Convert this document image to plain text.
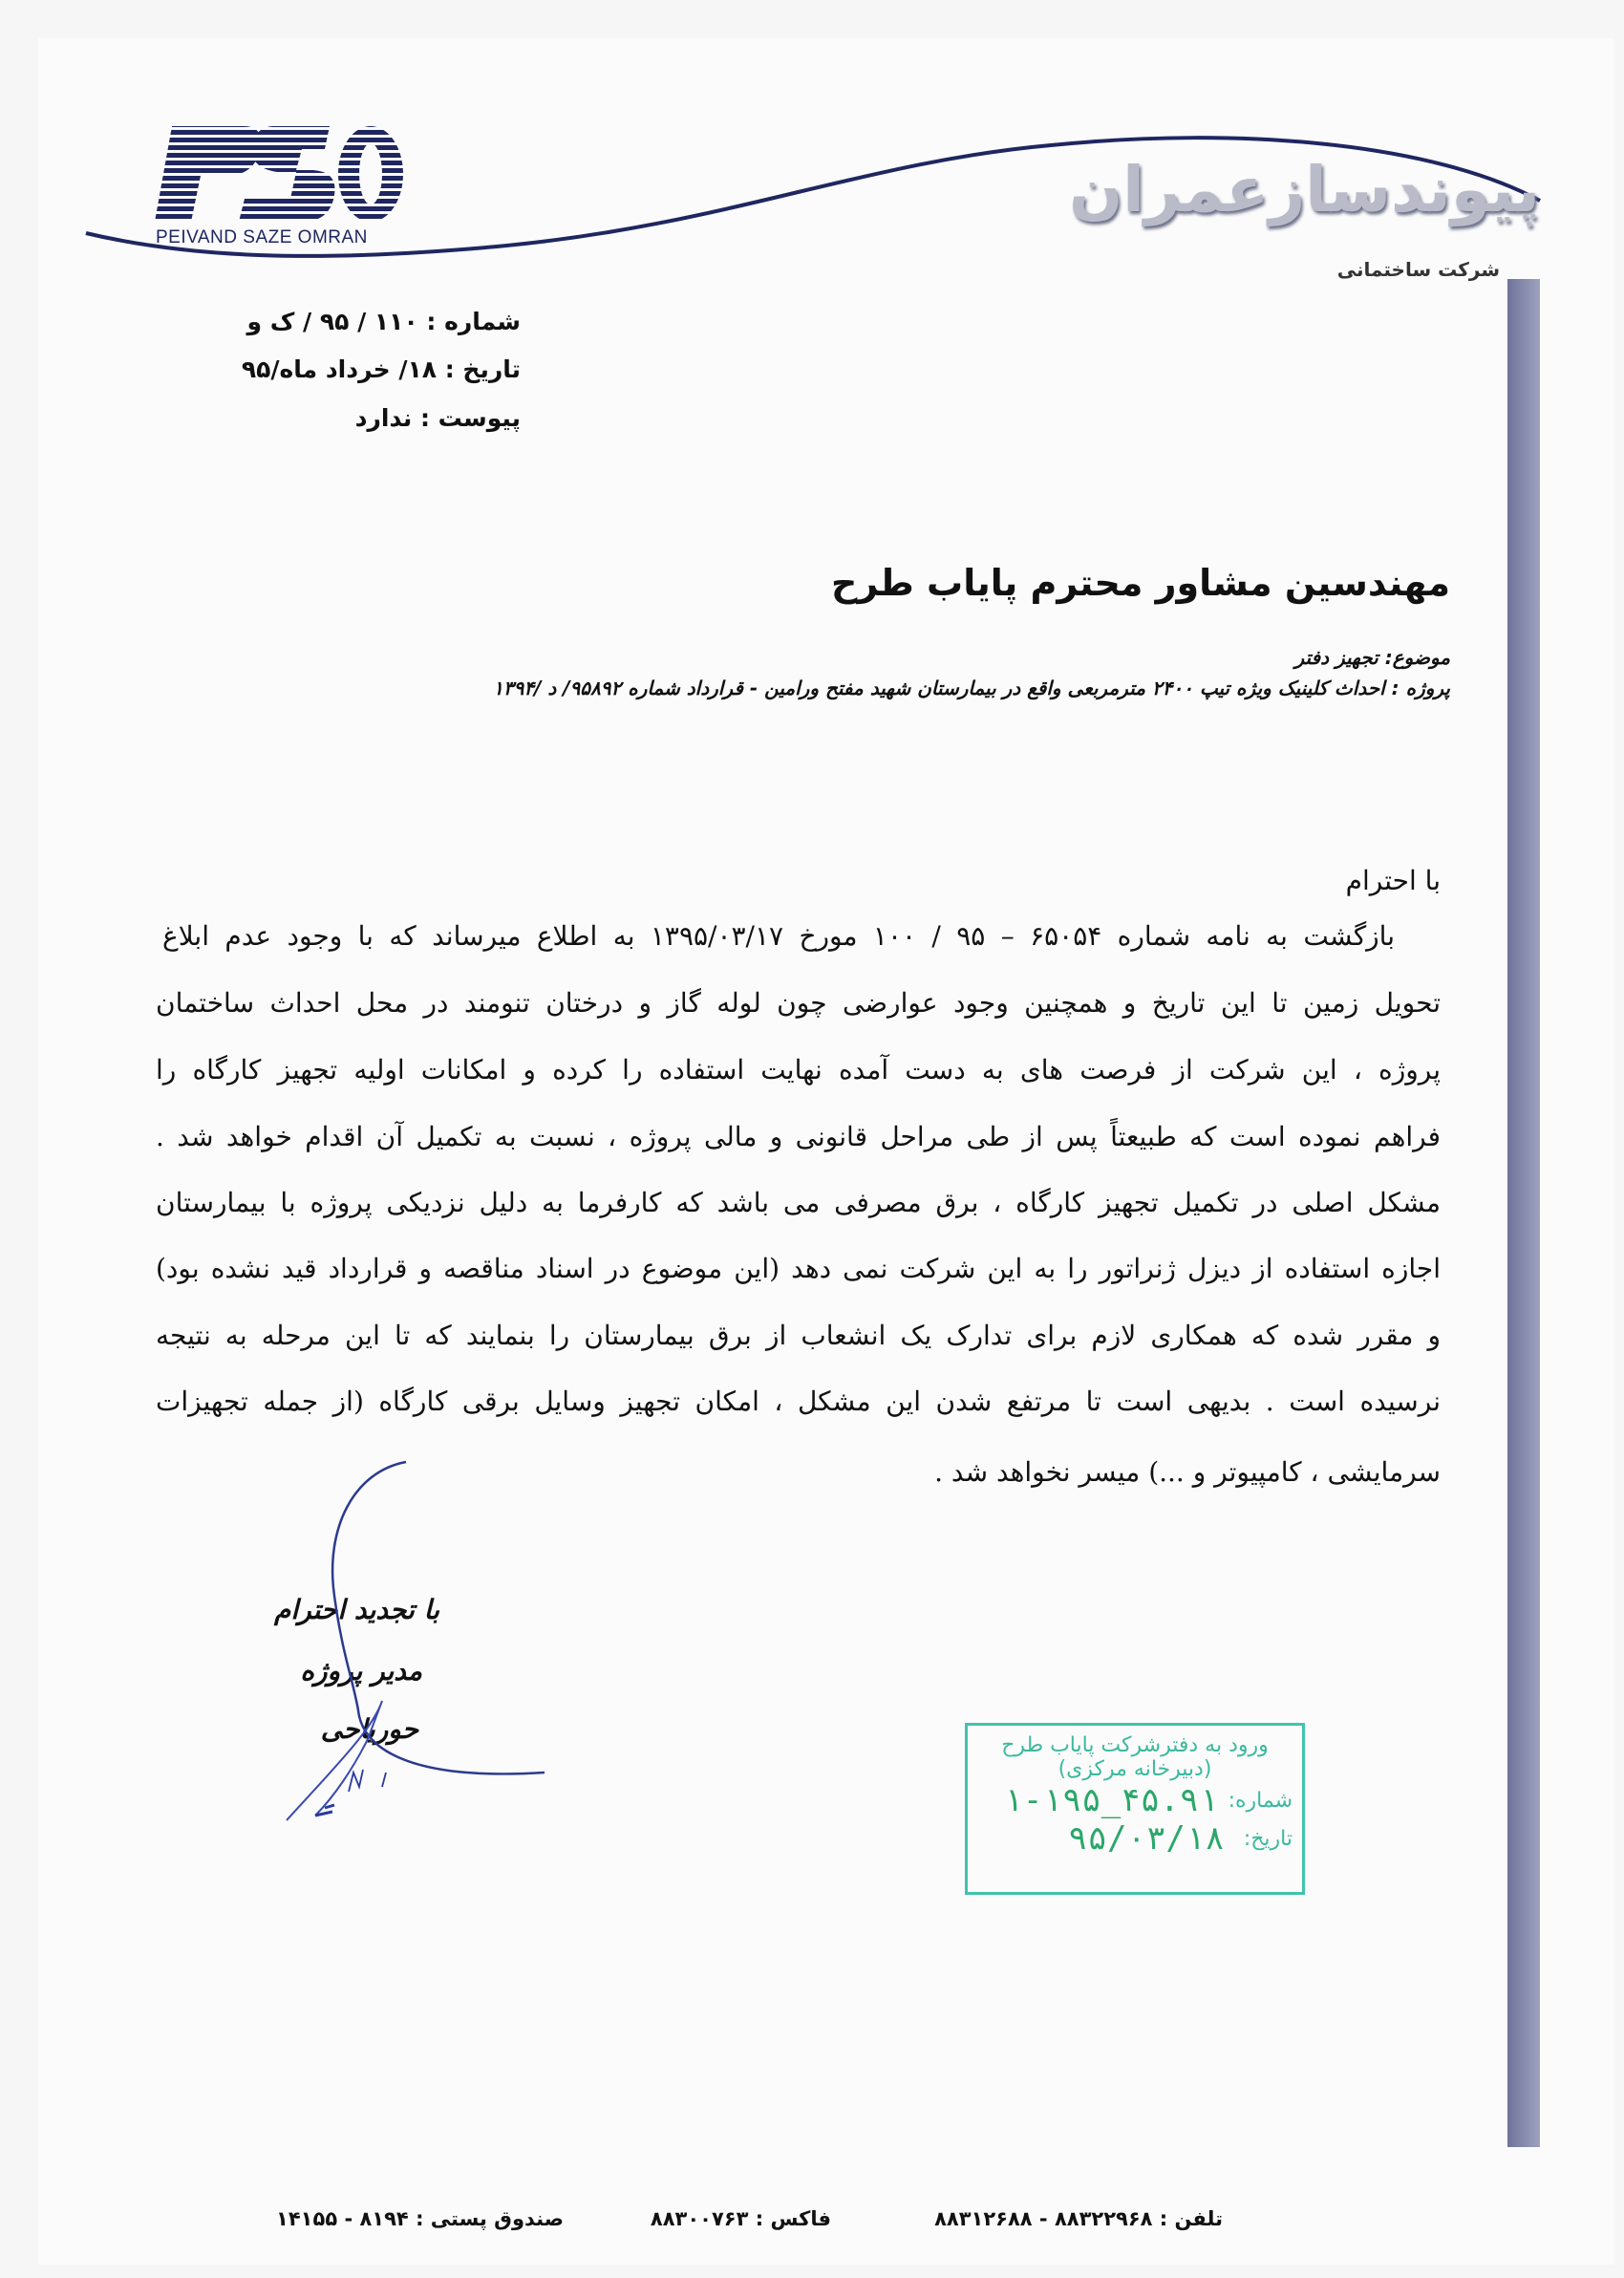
PEIVAND SAZE OMRAN
پیوندسازعمران
شرکت ساختمانی
شماره : ۱۱۰ / ۹۵ / ک و
تاریخ : ۱۸/ خرداد ماه/۹۵
پیوست : ندارد
مهندسین مشاور محترم پایاب طرح
موضوع: تجهیز دفتر
پروژه : احداث کلینیک ویژه تیپ ۲۴۰۰ مترمربعی واقع در بیمارستان شهید مفتح ورامین - قرارداد شماره ۹۵۸۹۲/ د /۱۳۹۴
با احترام
بازگشت به نامه شماره ۶۵۰۵۴ – ۹۵ / ۱۰۰ مورخ ۱۳۹۵/۰۳/۱۷ به اطلاع میرساند که با وجود عدم ابلاغ
تحویل زمین تا این تاریخ و همچنین وجود عوارضی چون لوله گاز و درختان تنومند در محل احداث ساختمان
پروژه ، این شرکت از فرصت های به دست آمده نهایت استفاده را کرده و امکانات اولیه تجهیز کارگاه را
فراهم نموده است که طبیعتاً پس از طی مراحل قانونی و مالی پروژه ، نسبت به تکمیل آن اقدام خواهد شد .
مشکل اصلی در تکمیل تجهیز کارگاه ، برق مصرفی می باشد که کارفرما به دلیل نزدیکی پروژه با بیمارستان
اجازه استفاده از دیزل ژنراتور را به این شرکت نمی دهد (این موضوع در اسناد مناقصه و قرارداد قید نشده بود)
و مقرر شده که همکاری لازم برای تدارک یک انشعاب از برق بیمارستان را بنمایند که تا این مرحله به نتیجه
نرسیده است . بدیهی است تا مرتفع شدن این مشکل ، امکان تجهیز وسایل برقی کارگاه (از جمله تجهیزات
سرمایشی ، کامپیوتر و ...) میسر نخواهد شد .
با تجدید احترام
مدیر پروژه
حوریاحی
ورود به دفترشرکت پایاب طرح
(دبیرخانه مرکزی)
شماره:
۱-۱۹۵_۴۵.۹۱
تاریخ:
۹۵/۰۳/۱۸
تلفن : ۸۸۳۲۲۹۶۸ - ۸۸۳۱۲۶۸۸
فاکس : ۸۸۳۰۰۷۶۳
صندوق پستی : ۸۱۹۴ - ۱۴۱۵۵
